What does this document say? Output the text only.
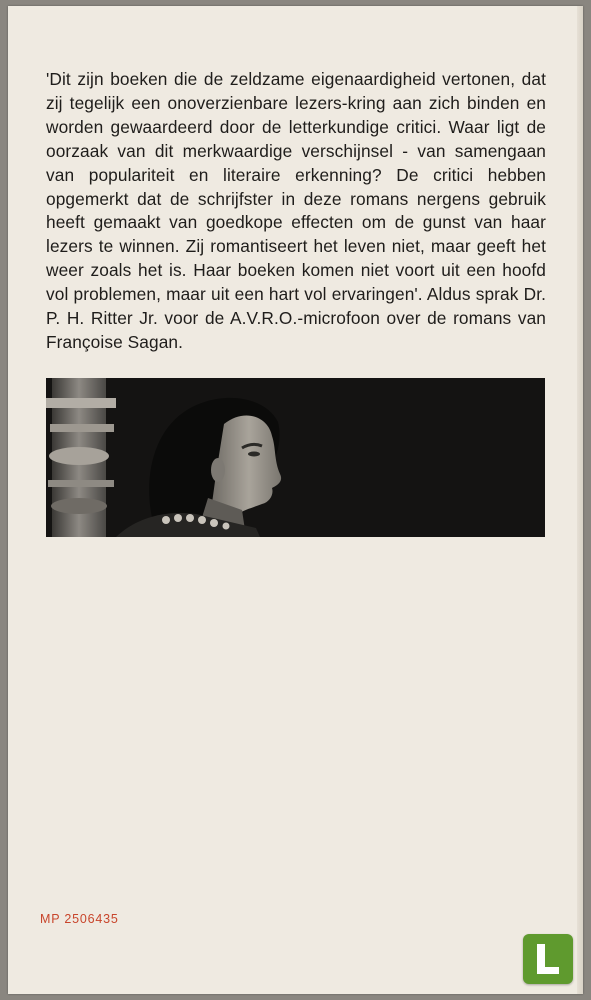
'Dit zijn boeken die de zeldzame eigenaardigheid vertonen, dat zij tegelijk een onoverzienbare lezers-kring aan zich binden en worden gewaardeerd door de letterkundige critici. Waar ligt de oorzaak van dit merkwaardige verschijnsel - van samengaan van populariteit en literaire erkenning? De critici hebben opgemerkt dat de schrijfster in deze romans nergens gebruik heeft gemaakt van goedkope effecten om de gunst van haar lezers te winnen. Zij romantiseert het leven niet, maar geeft het weer zoals het is. Haar boeken komen niet voort uit een hoofd vol problemen, maar uit een hart vol ervaringen'. Aldus sprak Dr. P. H. Ritter Jr. voor de A.V.R.O.-microfoon over de romans van Françoise Sagan.

MP 2506435
